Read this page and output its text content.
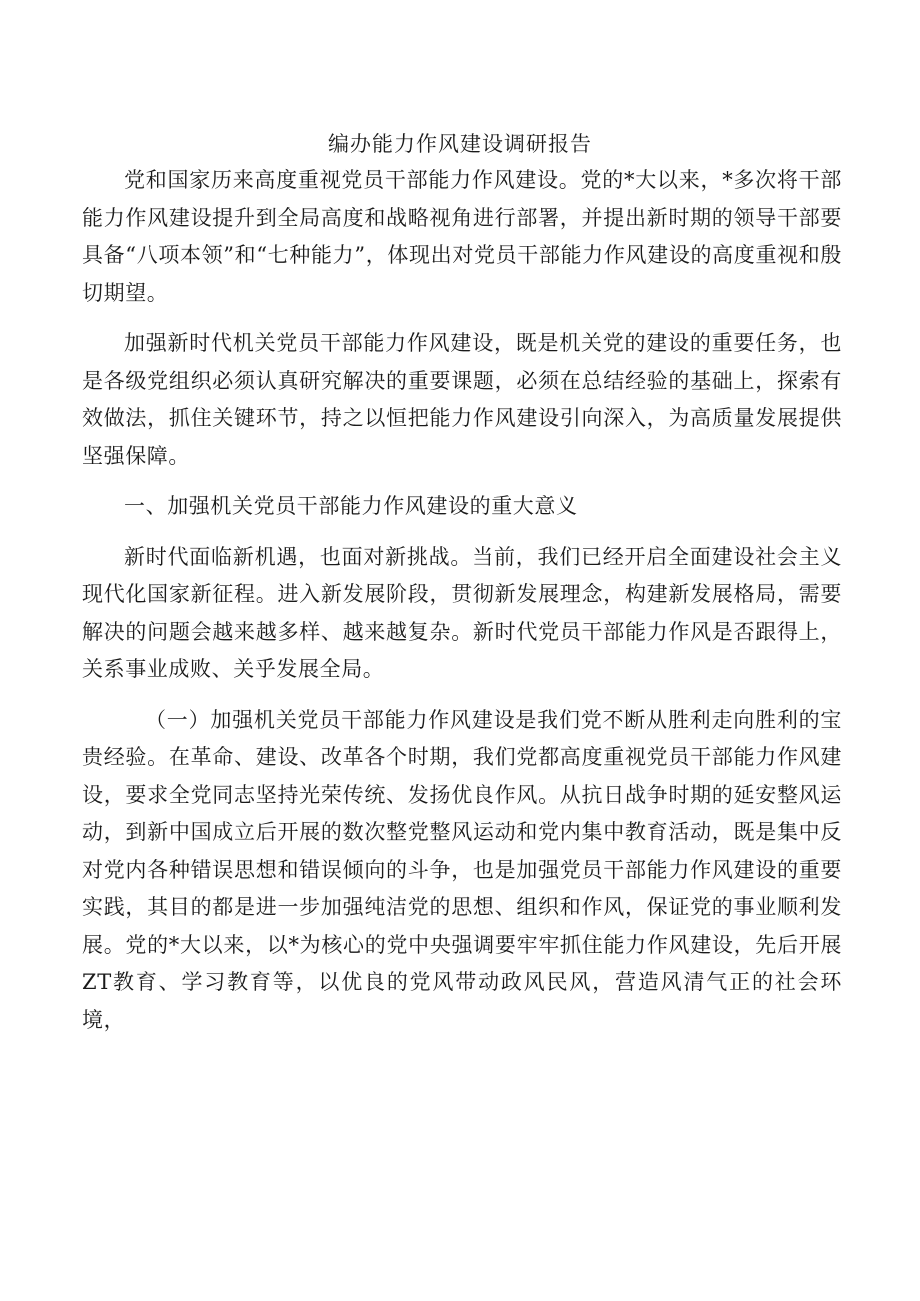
编办能力作风建设调研报告

党和国家历来高度重视党员干部能力作风建设。党的*大以来，*多次将干部能力作风建设提升到全局高度和战略视角进行部署，并提出新时期的领导干部要具备“八项本领”和“七种能力”，体现出对党员干部能力作风建设的高度重视和殷切期望。

加强新时代机关党员干部能力作风建设，既是机关党的建设的重要任务，也是各级党组织必须认真研究解决的重要课题，必须在总结经验的基础上，探索有效做法，抓住关键环节，持之以恒把能力作风建设引向深入，为高质量发展提供坚强保障。

一、加强机关党员干部能力作风建设的重大意义

新时代面临新机遇，也面对新挑战。当前，我们已经开启全面建设社会主义现代化国家新征程。进入新发展阶段，贯彻新发展理念，构建新发展格局，需要解决的问题会越来越多样、越来越复杂。新时代党员干部能力作风是否跟得上，关系事业成败、关乎发展全局。

（一）加强机关党员干部能力作风建设是我们党不断从胜利走向胜利的宝贵经验。在革命、建设、改革各个时期，我们党都高度重视党员干部能力作风建设，要求全党同志坚持光荣传统、发扬优良作风。从抗日战争时期的延安整风运动，到新中国成立后开展的数次整党整风运动和党内集中教育活动，既是集中反对党内各种错误思想和错误倾向的斗争，也是加强党员干部能力作风建设的重要实践，其目的都是进一步加强纯洁党的思想、组织和作风，保证党的事业顺利发展。党的*大以来，以*为核心的党中央强调要牢牢抓住能力作风建设，先后开展ZT教育、学习教育等，以优良的党风带动政风民风，营造风清气正的社会环境，
